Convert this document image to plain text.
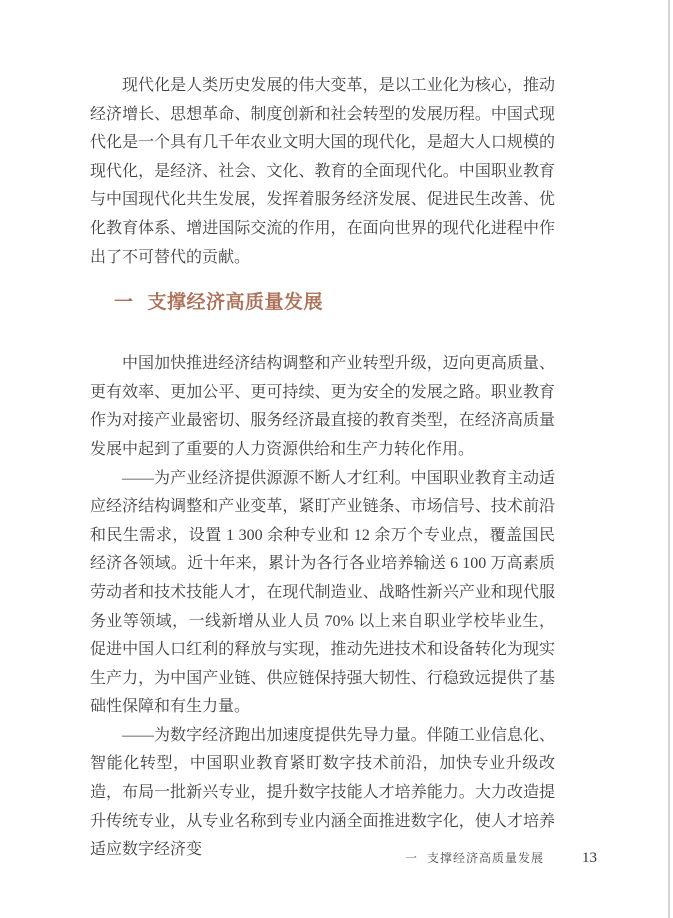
现代化是人类历史发展的伟大变革，是以工业化为核心，推动经济增长、思想革命、制度创新和社会转型的发展历程。中国式现代化是一个具有几千年农业文明大国的现代化，是超大人口规模的现代化，是经济、社会、文化、教育的全面现代化。中国职业教育与中国现代化共生发展，发挥着服务经济发展、促进民生改善、优化教育体系、增进国际交流的作用，在面向世界的现代化进程中作出了不可替代的贡献。

一 支撑经济高质量发展

中国加快推进经济结构调整和产业转型升级，迈向更高质量、更有效率、更加公平、更可持续、更为安全的发展之路。职业教育作为对接产业最密切、服务经济最直接的教育类型，在经济高质量发展中起到了重要的人力资源供给和生产力转化作用。

——为产业经济提供源源不断人才红利。中国职业教育主动适应经济结构调整和产业变革，紧盯产业链条、市场信号、技术前沿和民生需求，设置 1 300 余种专业和 12 余万个专业点，覆盖国民经济各领域。近十年来，累计为各行各业培养输送 6 100 万高素质劳动者和技术技能人才，在现代制造业、战略性新兴产业和现代服务业等领域，一线新增从业人员 70% 以上来自职业学校毕业生，促进中国人口红利的释放与实现，推动先进技术和设备转化为现实生产力，为中国产业链、供应链保持强大韧性、行稳致远提供了基础性保障和有生力量。

——为数字经济跑出加速度提供先导力量。伴随工业信息化、智能化转型，中国职业教育紧盯数字技术前沿，加快专业升级改造，布局一批新兴专业，提升数字技能人才培养能力。大力改造提升传统专业，从专业名称到专业内涵全面推进数字化，使人才培养适应数字经济变	一 支撑经济高质量发展	13
